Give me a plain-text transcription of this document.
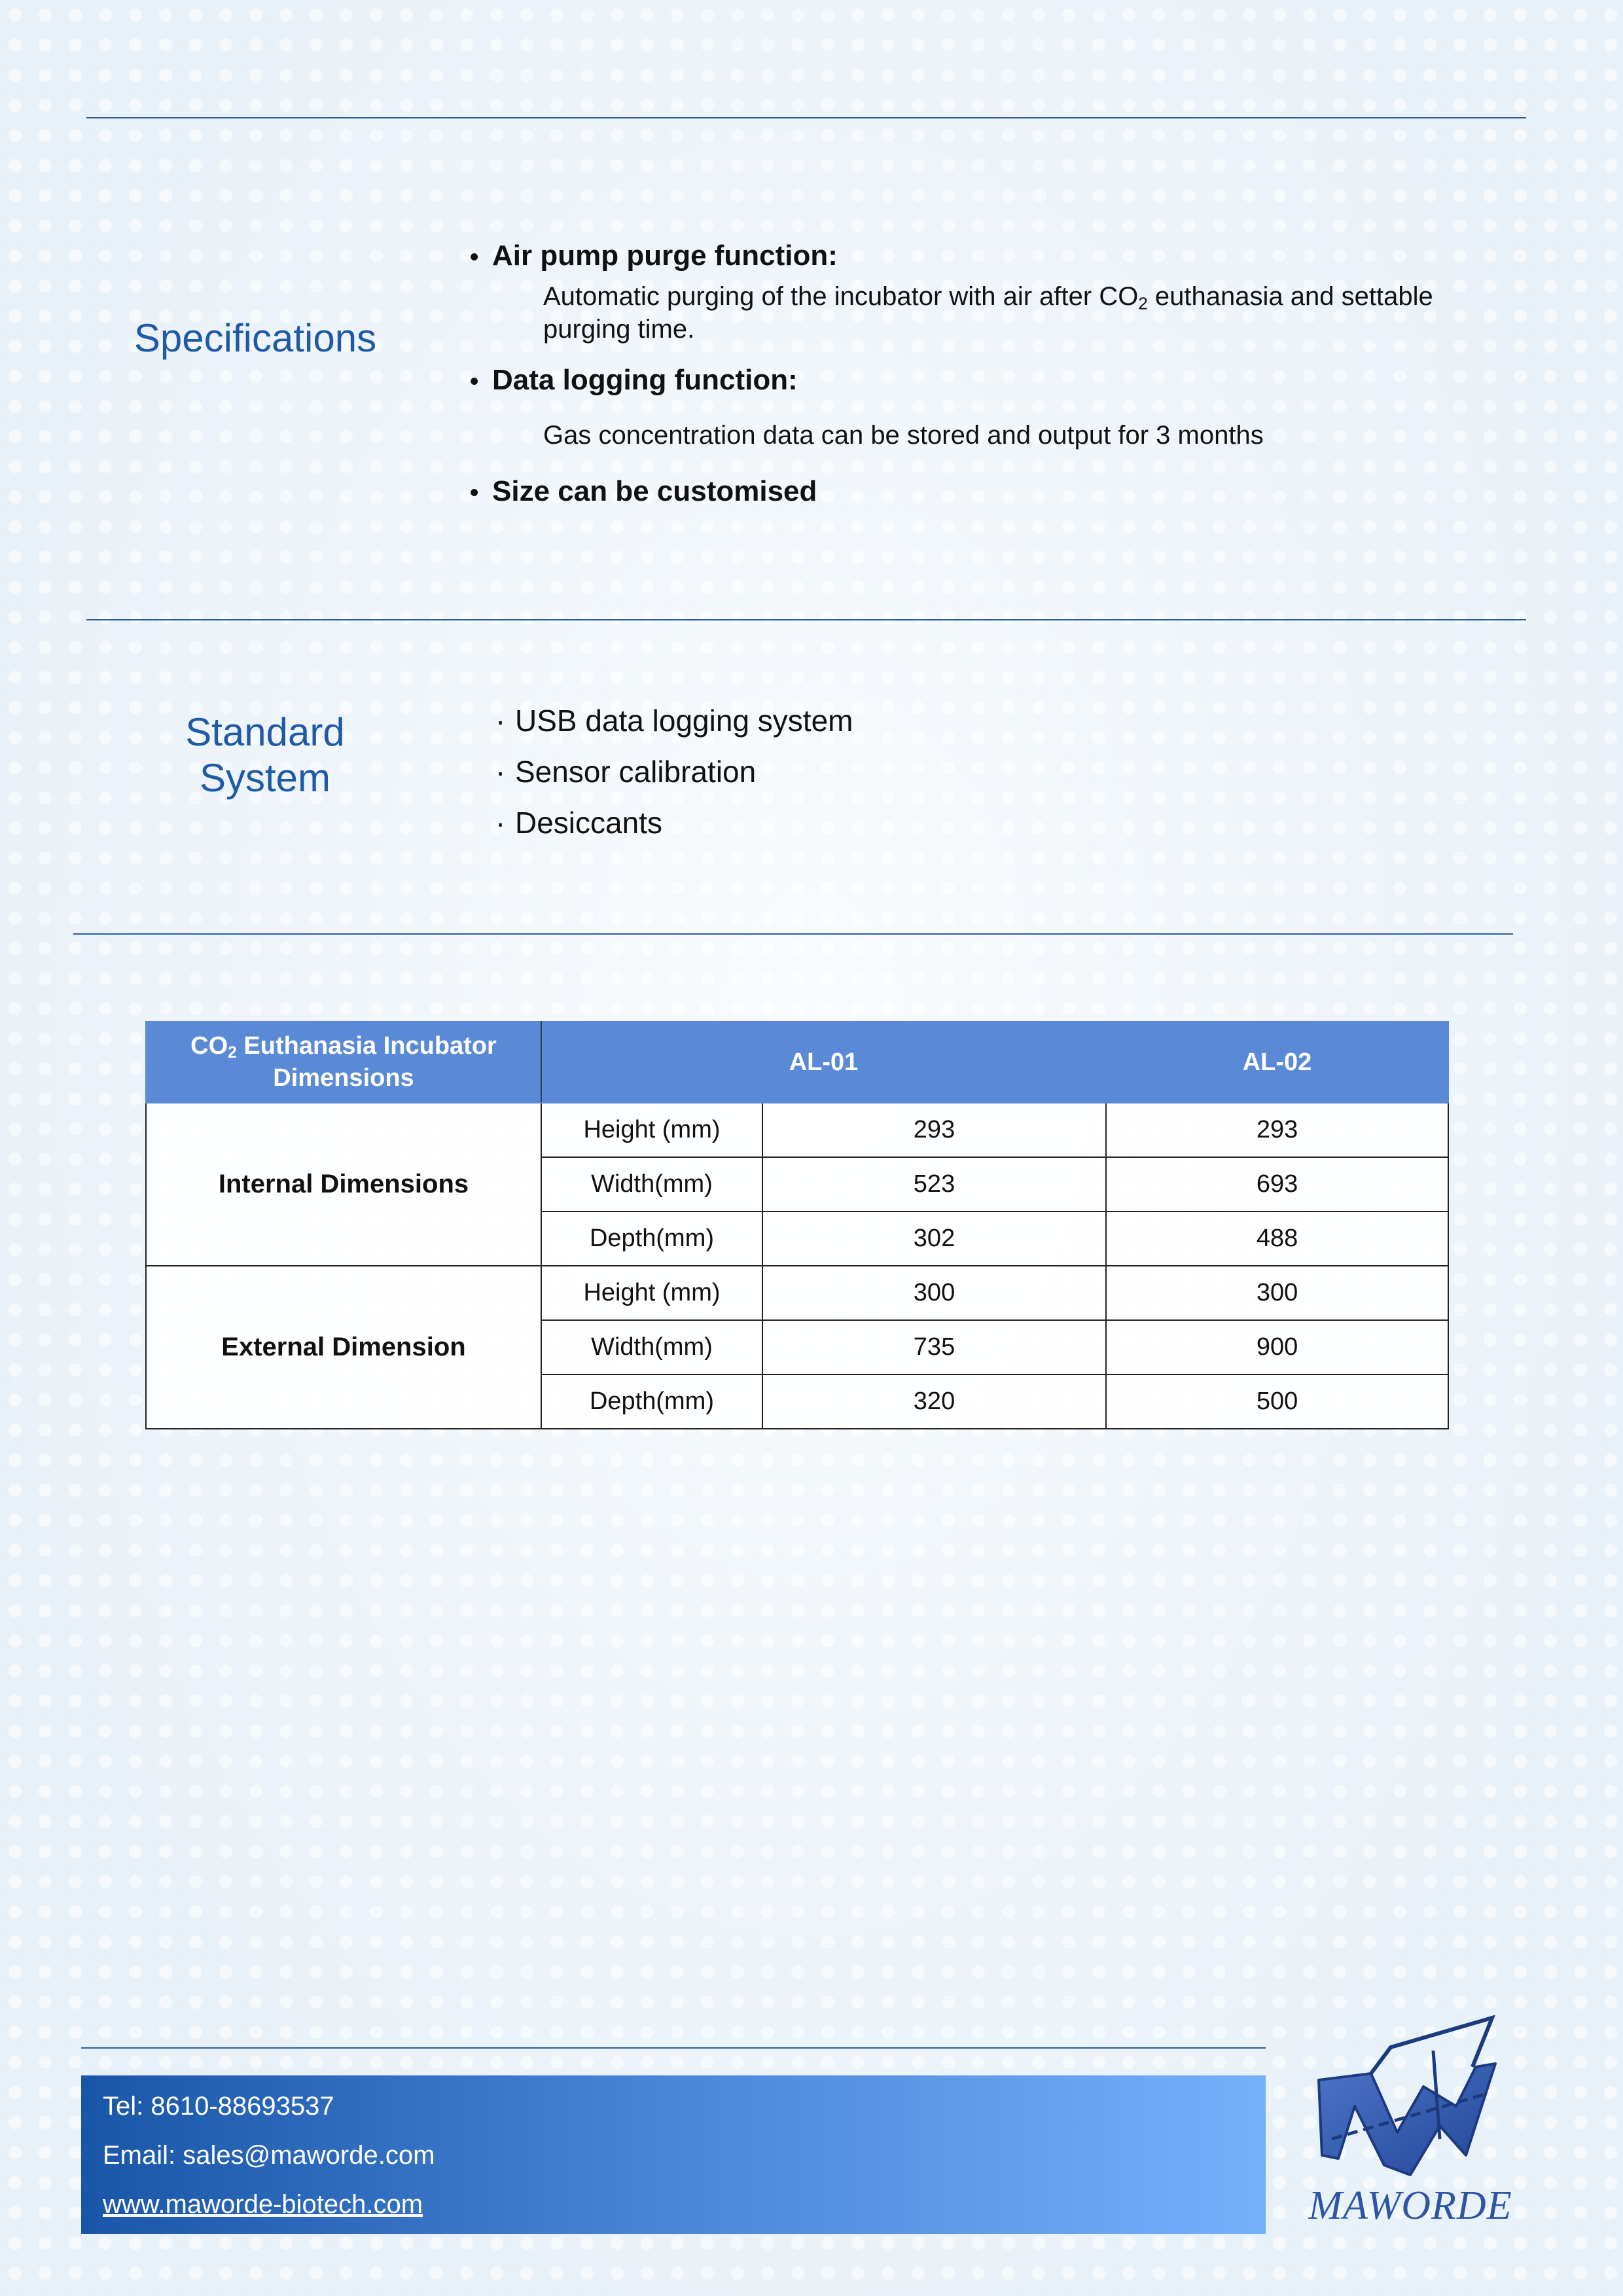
Specifications
• Air pump purge function :
Automatic purging of the incubator with air after $CO_2$ euthanasia and settable purging time.
• Data logging function:
Gas concentration data can be stored and output for 3 months
• Size can be customised
Standard
System
· USB data logging system
· Sensor calibration
· Desiccants
$CO_2$ Euthanasia Incubator
Dimensions	AL-01		AL-02
Internal Dimensions	Height (mm)	293	293
	Width(mm)	523	693
	Depth(mm)	302	488
External Dimension	Height (mm)	300	300
	Width(mm)	735	900
	Depth(mm)	320	500
Tel: 8610-88693537
Email: sales@maworde.com
www.maworde-biotech.com	MAWORDE
